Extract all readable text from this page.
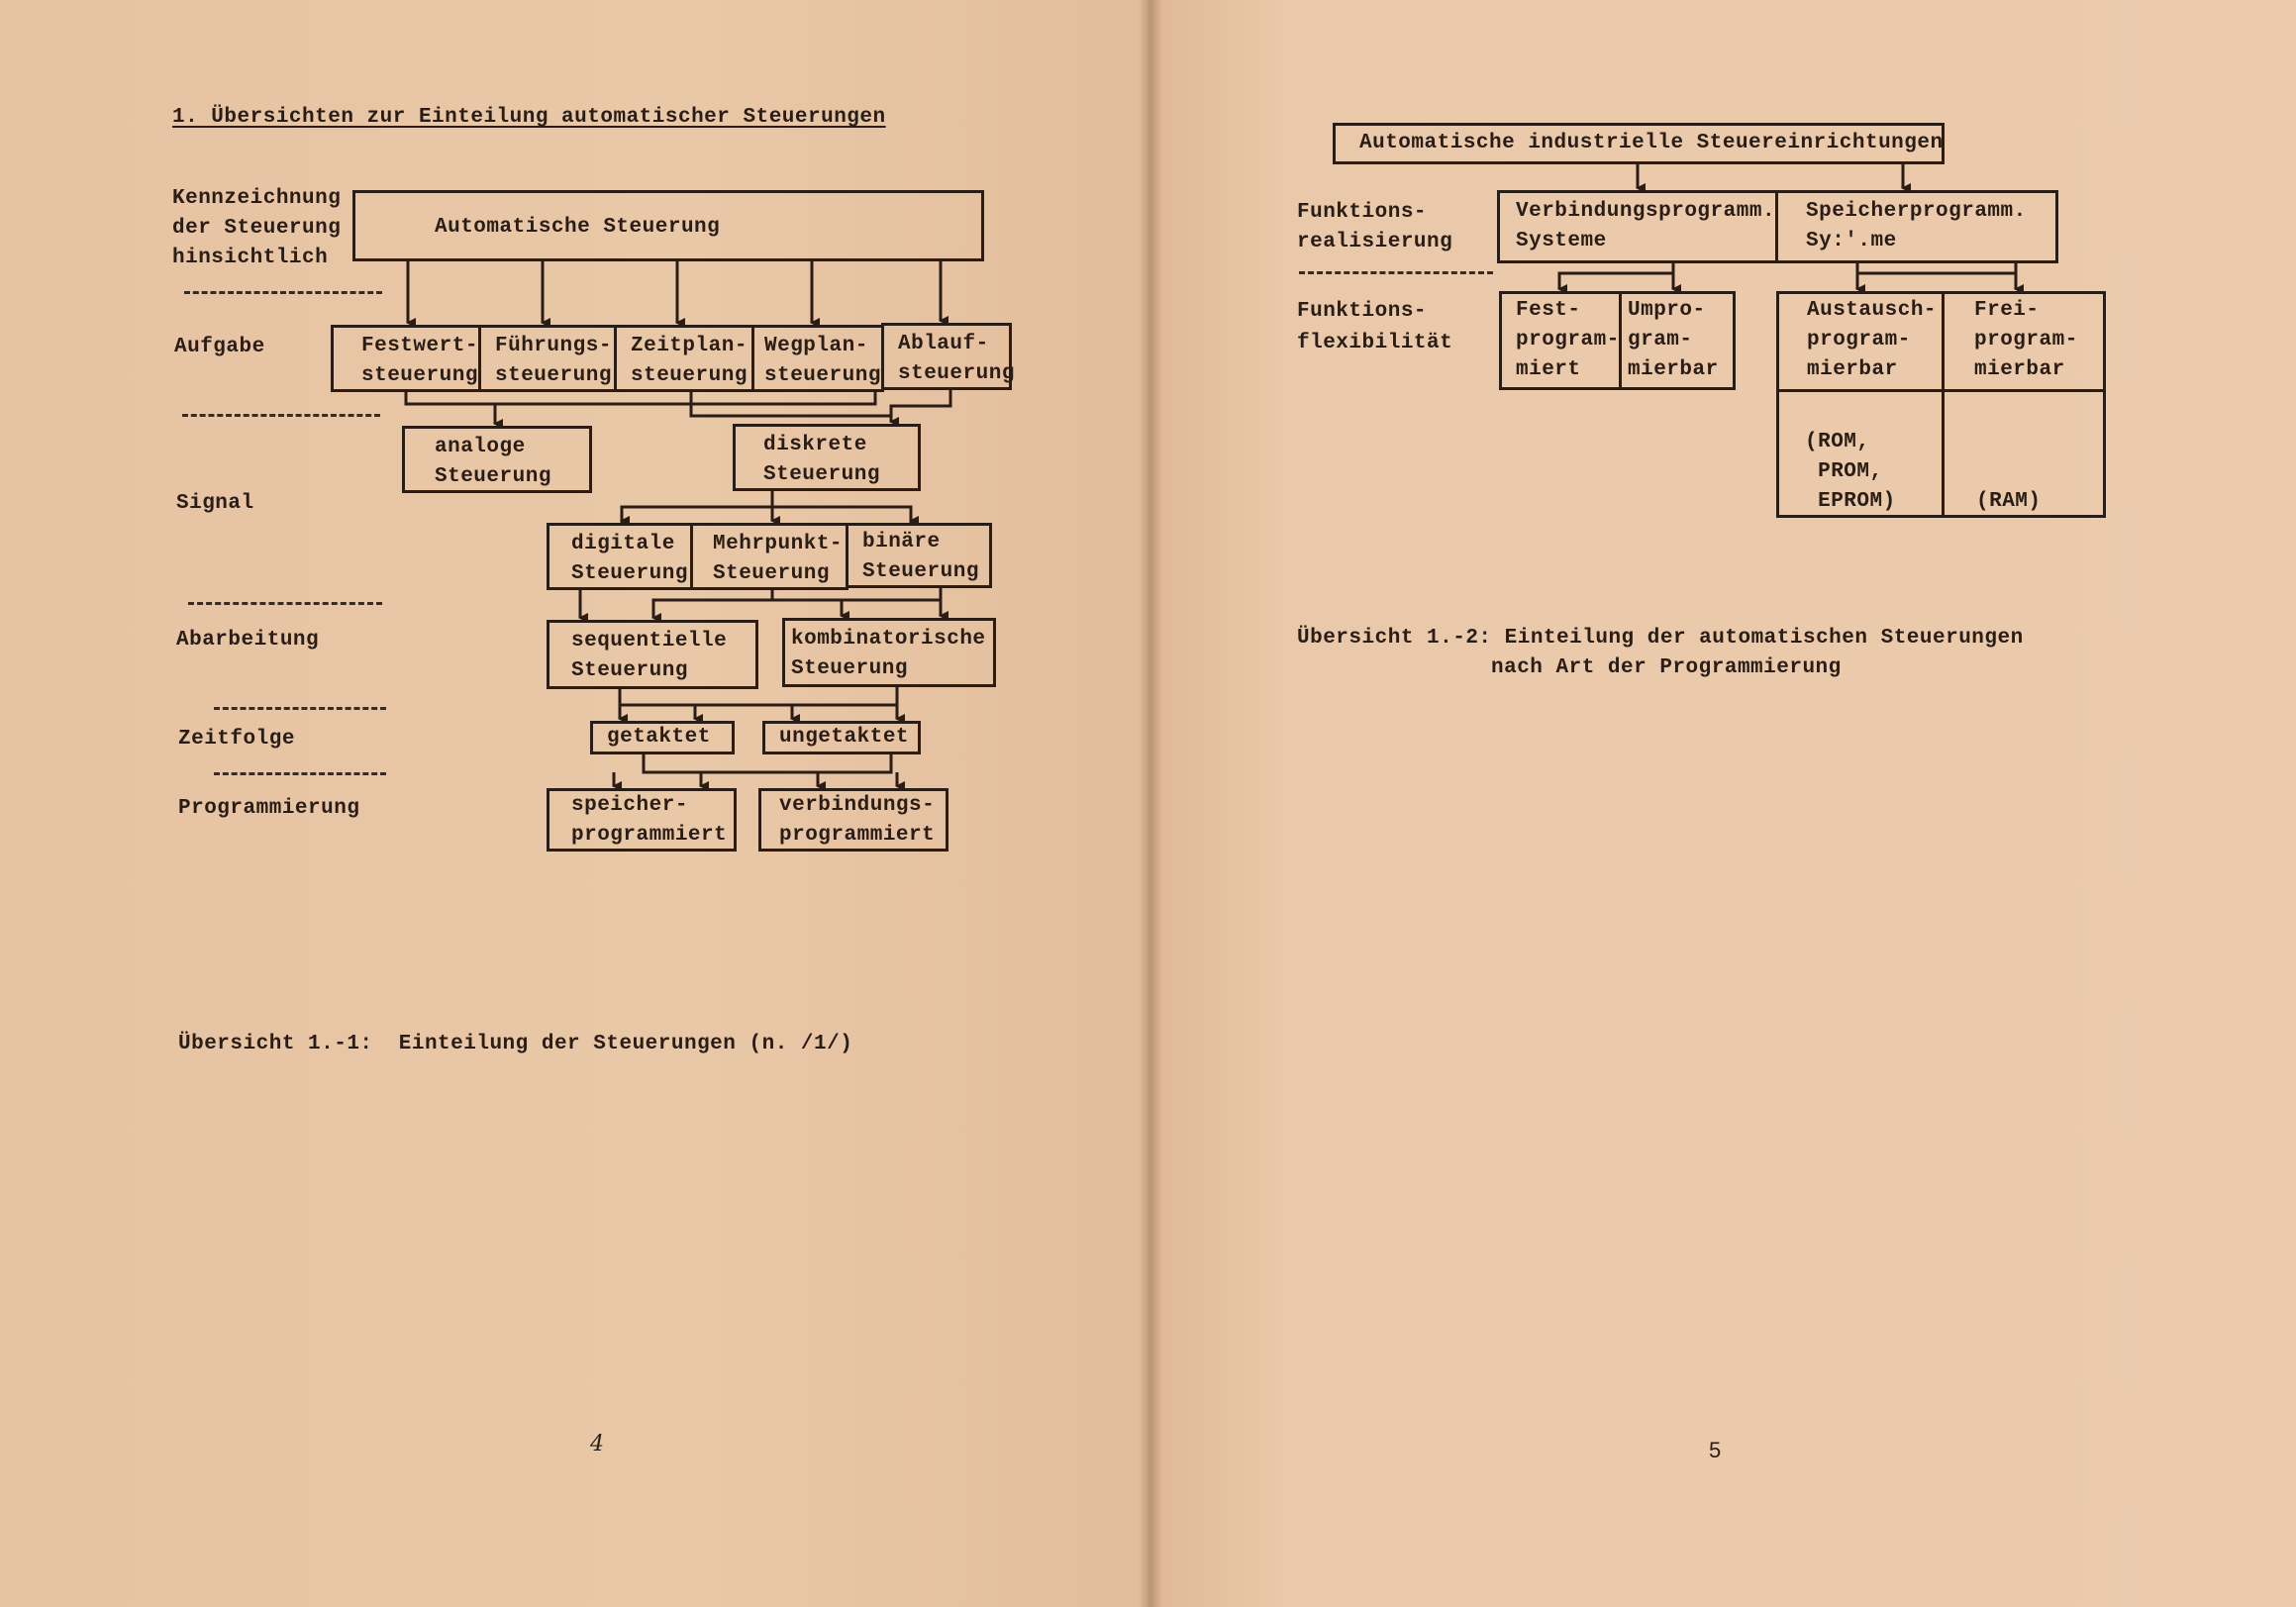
1. Übersichten zur Einteilung automatischer Steuerungen
Kennzeichnung
der Steuerung
hinsichtlich
Aufgabe
Signal
Abarbeitung
Zeitfolge
Programmierung
Automatische Steuerung
Festwert-
steuerung
Führungs-
steuerung
Zeitplan-
steuerung
Wegplan-
steuerung
Ablauf-
steuerung
analoge
Steuerung
diskrete
Steuerung
digitale
Steuerung
Mehrpunkt-
Steuerung
binäre
Steuerung
sequentielle
Steuerung
kombinatorische
Steuerung
getaktet	ungetaktet
speicher-
programmiert
verbindungs-
programmiert
Übersicht 1.-1:  Einteilung der Steuerungen (n. /1/)
4
Automatische industrielle Steuereinrichtungen
Funktions-
realisierung
Funktions-
flexibilität
Verbindungsprogramm.
Systeme
Speicherprogramm.
Sy:'.me
Fest-
program-
miert
Umpro-
gram-
mierbar
Austausch-
program-
mierbar
Frei-
program-
mierbar
(ROM,
PROM,
EPROM)	(RAM)
Übersicht 1.-2: Einteilung der automatischen Steuerungen
nach Art der Programmierung
5
